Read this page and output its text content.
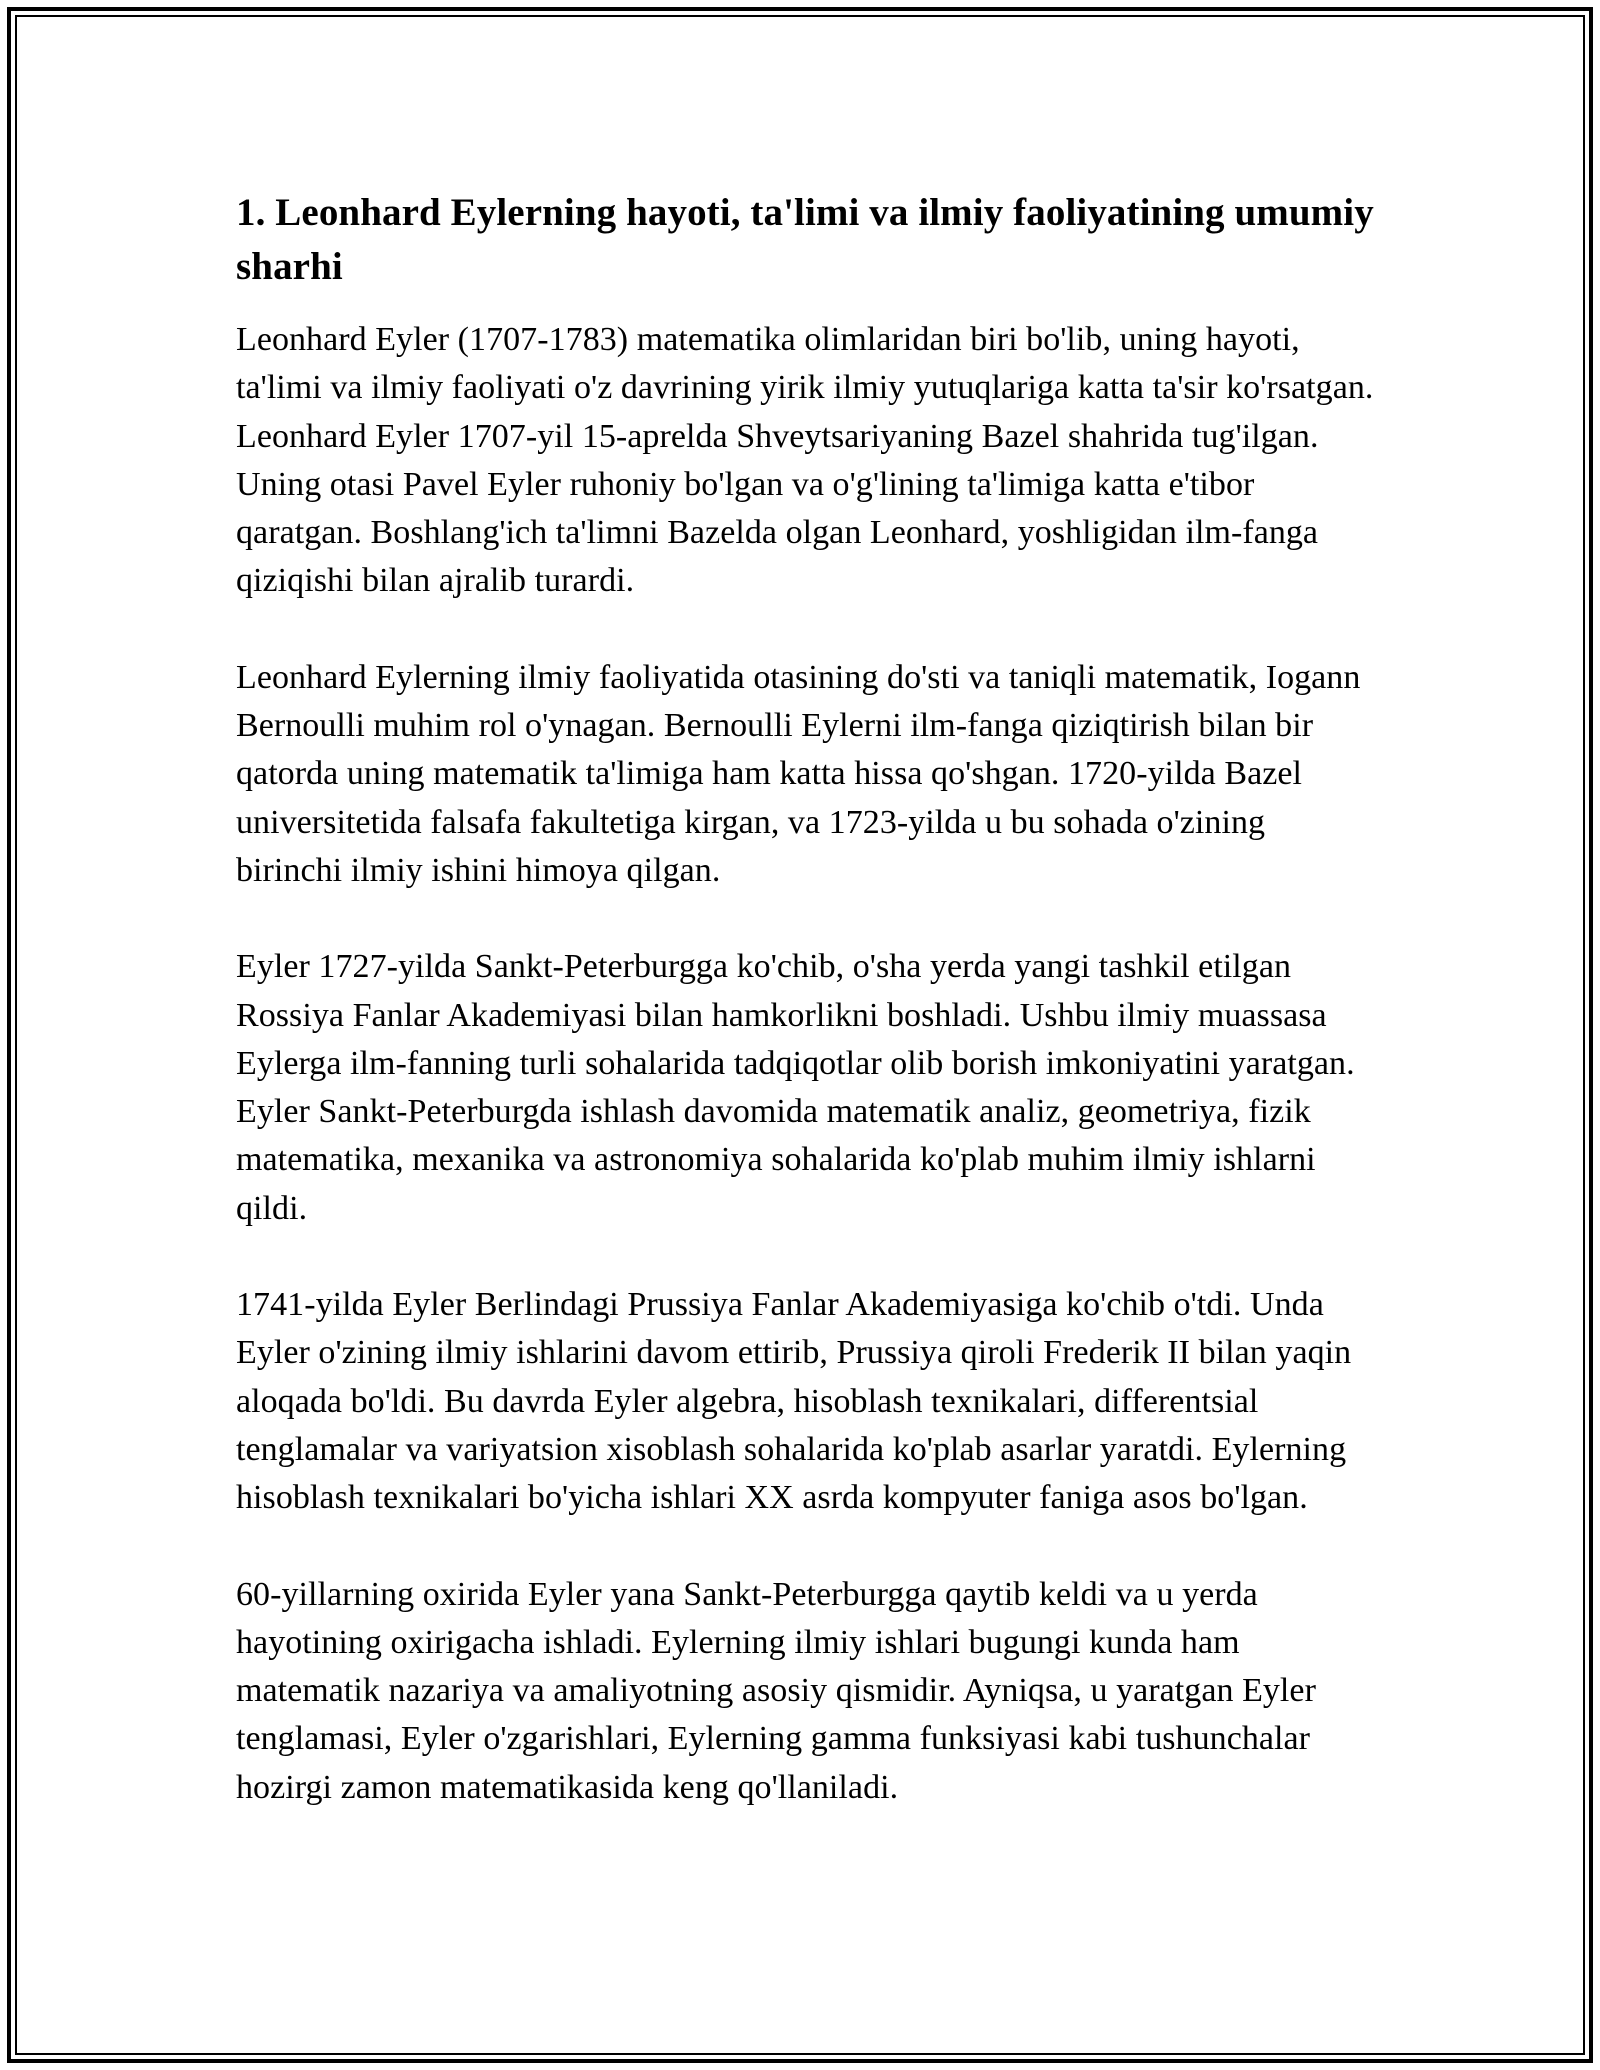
1. Leonhard Eylerning hayoti, ta'limi va ilmiy faoliyatining umumiy sharhi

Leonhard Eyler (1707-1783) matematika olimlaridan biri bo'lib, uning hayoti, ta'limi va ilmiy faoliyati o'z davrining yirik ilmiy yutuqlariga katta ta'sir ko'rsatgan. Leonhard Eyler 1707-yil 15-aprelda Shveytsariyaning Bazel shahrida tug'ilgan. Uning otasi Pavel Eyler ruhoniy bo'lgan va o'g'lining ta'limiga katta e'tibor qaratgan. Boshlang'ich ta'limni Bazelda olgan Leonhard, yoshligidan ilm-fanga qiziqishi bilan ajralib turardi.

Leonhard Eylerning ilmiy faoliyatida otasining do'sti va taniqli matematik, Iogann Bernoulli muhim rol o'ynagan. Bernoulli Eylerni ilm-fanga qiziqtirish bilan bir qatorda uning matematik ta'limiga ham katta hissa qo'shgan. 1720-yilda Bazel universitetida falsafa fakultetiga kirgan, va 1723-yilda u bu sohada o'zining birinchi ilmiy ishini himoya qilgan.

Eyler 1727-yilda Sankt-Peterburgga ko'chib, o'sha yerda yangi tashkil etilgan Rossiya Fanlar Akademiyasi bilan hamkorlikni boshladi. Ushbu ilmiy muassasa Eylerga ilm-fanning turli sohalarida tadqiqotlar olib borish imkoniyatini yaratgan. Eyler Sankt-Peterburgda ishlash davomida matematik analiz, geometriya, fizik matematika, mexanika va astronomiya sohalarida ko'plab muhim ilmiy ishlarni qildi.

1741-yilda Eyler Berlindagi Prussiya Fanlar Akademiyasiga ko'chib o'tdi. Unda Eyler o'zining ilmiy ishlarini davom ettirib, Prussiya qiroli Frederik II bilan yaqin aloqada bo'ldi. Bu davrda Eyler algebra, hisoblash texnikalari, differentsial tenglamalar va variyatsion xisoblash sohalarida ko'plab asarlar yaratdi. Eylerning hisoblash texnikalari bo'yicha ishlari XX asrda kompyuter faniga asos bo'lgan.

60-yillarning oxirida Eyler yana Sankt-Peterburgga qaytib keldi va u yerda hayotining oxirigacha ishladi. Eylerning ilmiy ishlari bugungi kunda ham matematik nazariya va amaliyotning asosiy qismidir. Ayniqsa, u yaratgan Eyler tenglamasi, Eyler o'zgarishlari, Eylerning gamma funksiyasi kabi tushunchalar hozirgi zamon matematikasida keng qo'llaniladi.
